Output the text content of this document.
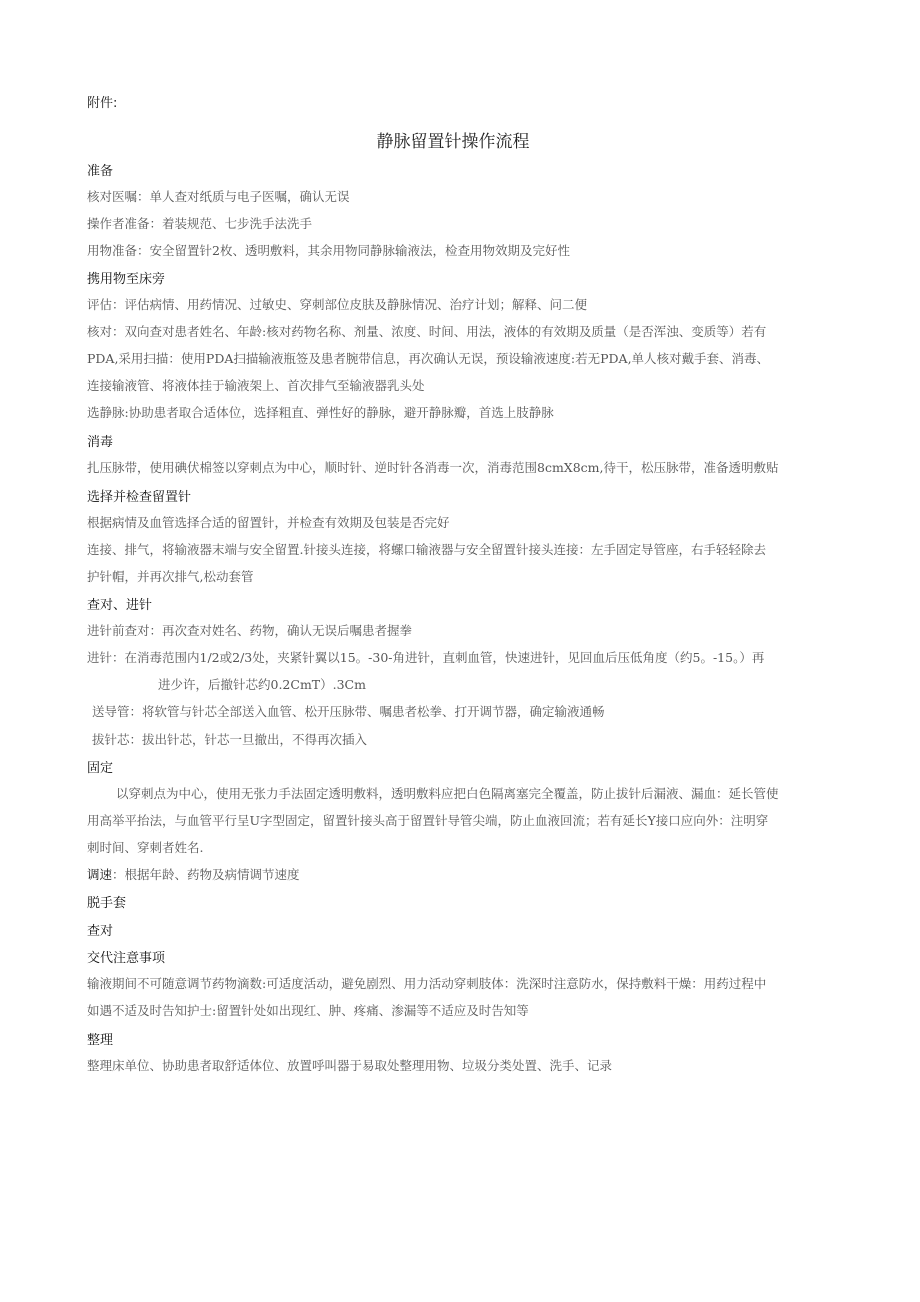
附件:
静脉留置针操作流程
准备
核对医嘱：单人查对纸质与电子医嘱，确认无误
操作者准备：着装规范、七步洗手法洗手
用物准备：安全留置针2枚、透明敷料，其余用物同静脉输液法，检查用物效期及完好性
携用物至床旁
评估：评估病情、用药情况、过敏史、穿刺部位皮肤及静脉情况、治疗计划；解释、问二便
核对：双向查对患者姓名、年龄:核对药物名称、剂量、浓度、时间、用法，液体的有效期及质量（是否浑浊、变质等）若有
PDA,采用扫描：使用PDA扫描输液瓶签及患者腕带信息，再次确认无误，预设输液速度:若无PDA,单人核对戴手套、消毒、
连接输液管、将液体挂于输液架上、首次排气至输液器乳头处
选静脉:协助患者取合适体位，选择粗直、弹性好的静脉，避开静脉瓣，首选上肢静脉
消毒
扎压脉带，使用碘伏棉签以穿刺点为中心，顺时针、逆时针各消毒一次，消毒范围8cmX8cm,待干，松压脉带，准备透明敷贴
选择并检查留置针
根据病情及血管选择合适的留置针，并检查有效期及包装是否完好
连接、排气，将输液器末端与安全留置.针接头连接，将螺口输液器与安全留置针接头连接：左手固定导管座，右手轻轻除去
护针帽，并再次排气,松动套管
查对、进针
进针前查对：再次查对姓名、药物，确认无误后嘱患者握拳
进针：在消毒范围内1/2或2/3处，夹紧针翼以15。-30-角进针，直刺血管，快速进针，见回血后压低角度（约5。-15。）再
进少许，后撤针芯约0.2CmT）.3Cm
送导管：将软管与针芯全部送入血管、松开压脉带、嘱患者松拳、打开调节器，确定输液通畅
拔针芯：拔出针芯，针芯一旦撤出，不得再次插入
固定
以穿刺点为中心，使用无张力手法固定透明敷料，透明敷料应把白色隔离塞完全覆盖，防止拔针后漏液、漏血：延长管使
用高举平抬法，与血管平行呈U字型固定，留置针接头高于留置针导管尖端，防止血液回流；若有延长Y接口应向外：注明穿
刺时间、穿刺者姓名.
调速：根据年龄、药物及病情调节速度
脱手套
查对
交代注意事项
输液期间不可随意调节药物滴数:可适度活动，避免剧烈、用力活动穿刺肢体：洗深时注意防水，保持敷料干燥：用药过程中
如遇不适及时告知护士:留置针处如出现红、肿、疼痛、渗漏等不适应及时告知等
整理
整理床单位、协助患者取舒适体位、放置呼叫器于易取处整理用物、垃圾分类处置、洗手、记录
